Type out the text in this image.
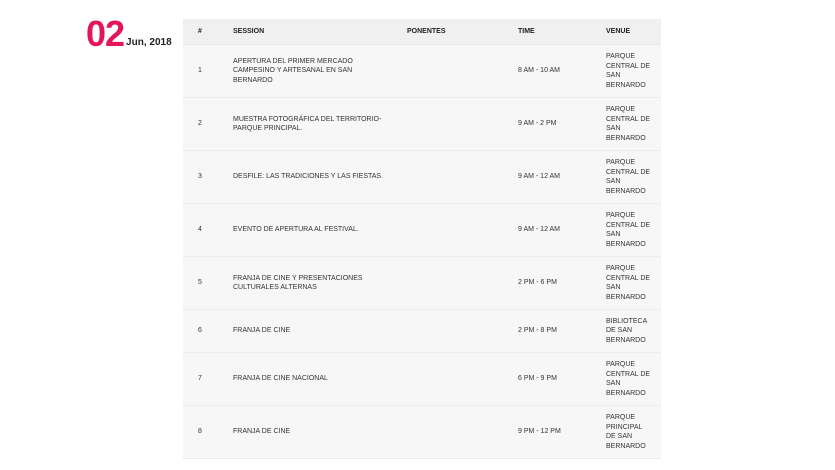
02 Jun, 2018
#	SESSION	PONENTES	TIME	VENUE
1	APERTURA DEL PRIMER MERCADO CAMPESINO Y ARTESANAL EN SAN BERNARDO		8 AM - 10 AM	PARQUE CENTRAL DE SAN BERNARDO
2	MUESTRA FOTOGRÁFICA DEL TERRITORIO- PARQUE PRINCIPAL.		9 AM - 2 PM	PARQUE CENTRAL DE SAN BERNARDO
3	DESFILE: LAS TRADICIONES Y LAS FIESTAS.		9 AM - 12 AM	PARQUE CENTRAL DE SAN BERNARDO
4	EVENTO DE APERTURA AL FESTIVAL.		9 AM - 12 AM	PARQUE CENTRAL DE SAN BERNARDO
5	FRANJA DE CINE Y PRESENTACIONES CULTURALES ALTERNAS		2 PM - 6 PM	PARQUE CENTRAL DE SAN BERNARDO
6	FRANJA DE CINE		2 PM - 8 PM	BIBLIOTECA DE SAN BERNARDO
7	FRANJA DE CINE NACIONAL		6 PM - 9 PM	PARQUE CENTRAL DE SAN BERNARDO
8	FRANJA DE CINE		9 PM - 12 PM	PARQUE PRINCIPAL DE SAN BERNARDO
